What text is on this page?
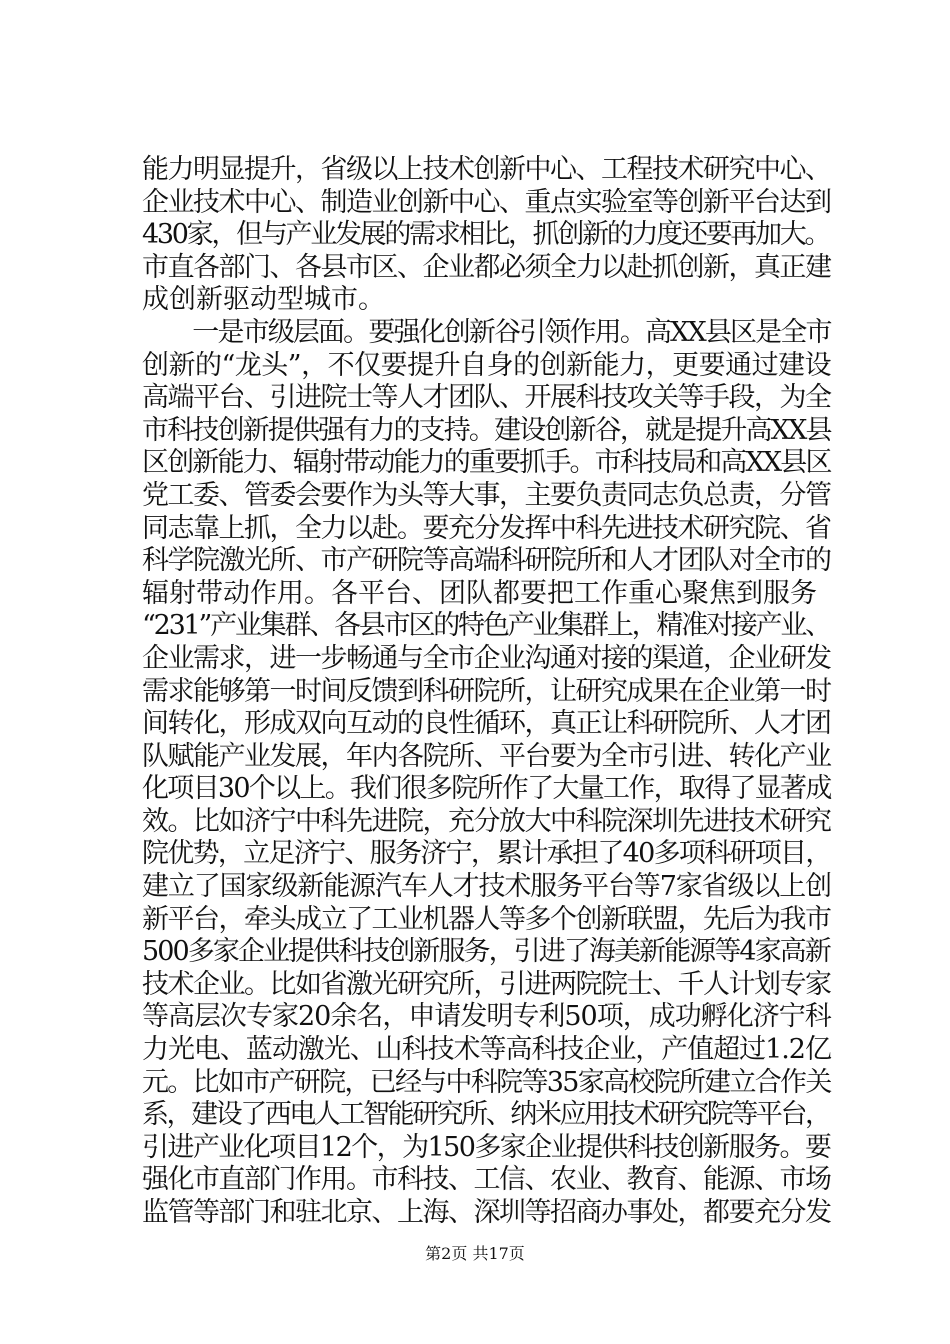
能力明显提升，省级以上技术创新中心、工程技术研究中心、
企业技术中心、制造业创新中心、重点实验室等创新平台达到
430家，但与产业发展的需求相比，抓创新的力度还要再加大。
市直各部门、各县市区、企业都必须全力以赴抓创新，真正建
成创新驱动型城市。
　　一是市级层面。要强化创新谷引领作用。高XX县区是全市
创新的“龙头”，不仅要提升自身的创新能力，更要通过建设
高端平台、引进院士等人才团队、开展科技攻关等手段，为全
市科技创新提供强有力的支持。建设创新谷，就是提升高XX县
区创新能力、辐射带动能力的重要抓手。市科技局和高XX县区
党工委、管委会要作为头等大事，主要负责同志负总责，分管
同志靠上抓，全力以赴。要充分发挥中科先进技术研究院、省
科学院激光所、市产研院等高端科研院所和人才团队对全市的
辐射带动作用。各平台、团队都要把工作重心聚焦到服务
“231”产业集群、各县市区的特色产业集群上，精准对接产业、
企业需求，进一步畅通与全市企业沟通对接的渠道，企业研发
需求能够第一时间反馈到科研院所，让研究成果在企业第一时
间转化，形成双向互动的良性循环，真正让科研院所、人才团
队赋能产业发展，年内各院所、平台要为全市引进、转化产业
化项目30个以上。我们很多院所作了大量工作，取得了显著成
效。比如济宁中科先进院，充分放大中科院深圳先进技术研究
院优势，立足济宁、服务济宁，累计承担了40多项科研项目，
建立了国家级新能源汽车人才技术服务平台等7家省级以上创
新平台，牵头成立了工业机器人等多个创新联盟，先后为我市
500多家企业提供科技创新服务，引进了海美新能源等4家高新
技术企业。比如省激光研究所，引进两院院士、千人计划专家
等高层次专家20余名，申请发明专利50项，成功孵化济宁科
力光电、蓝动激光、山科技术等高科技企业，产值超过1.2亿
元。比如市产研院，已经与中科院等35家高校院所建立合作关
系，建设了西电人工智能研究所、纳米应用技术研究院等平台，
引进产业化项目12个，为150多家企业提供科技创新服务。要
强化市直部门作用。市科技、工信、农业、教育、能源、市场
监管等部门和驻北京、上海、深圳等招商办事处，都要充分发
第2页 共17页
